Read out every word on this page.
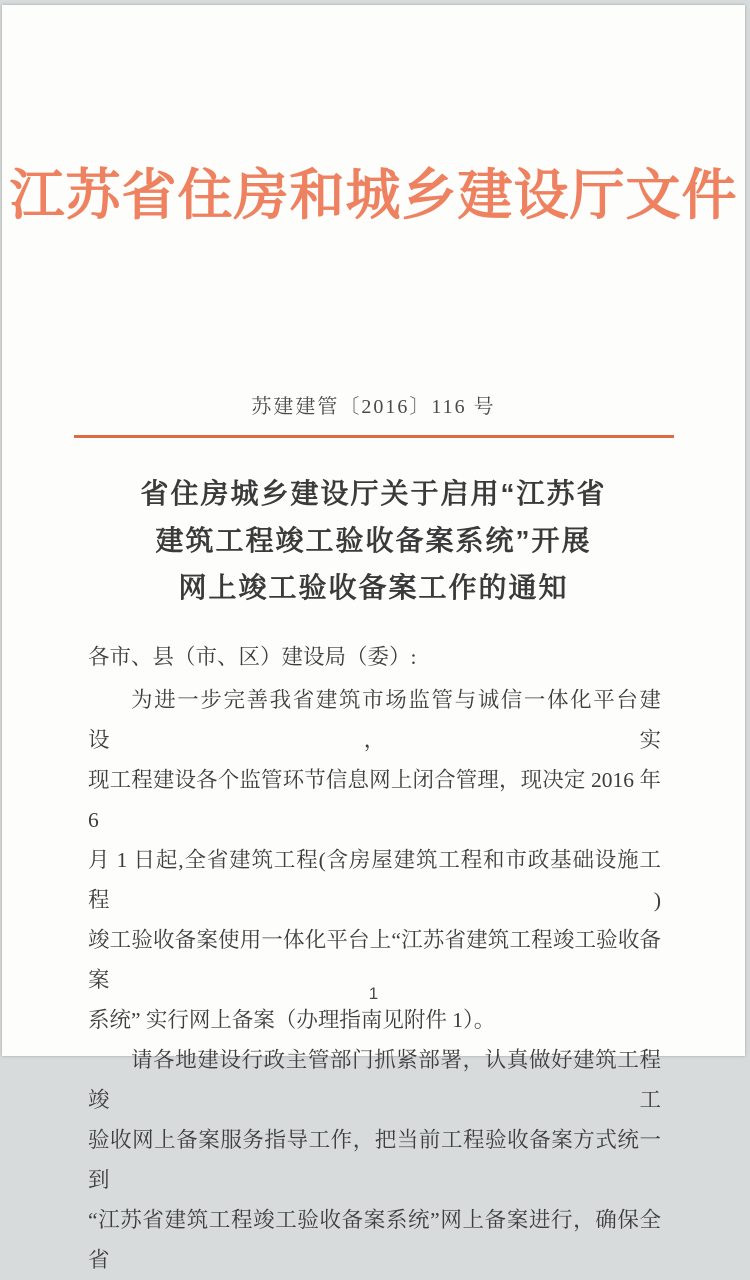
江苏省住房和城乡建设厅文件
苏建建管〔2016〕116 号
省住房城乡建设厅关于启用“江苏省
建筑工程竣工验收备案系统”开展
网上竣工验收备案工作的通知
各市、县（市、区）建设局（委）:
为进一步完善我省建筑市场监管与诚信一体化平台建设，实
现工程建设各个监管环节信息网上闭合管理，现决定 2016 年 6
月 1 日起,全省建筑工程(含房屋建筑工程和市政基础设施工程)
竣工验收备案使用一体化平台上“江苏省建筑工程竣工验收备案
系统” 实行网上备案（办理指南见附件 1）。
请各地建设行政主管部门抓紧部署，认真做好建筑工程竣工
验收网上备案服务指导工作，把当前工程验收备案方式统一到
“江苏省建筑工程竣工验收备案系统”网上备案进行，确保全省
1
